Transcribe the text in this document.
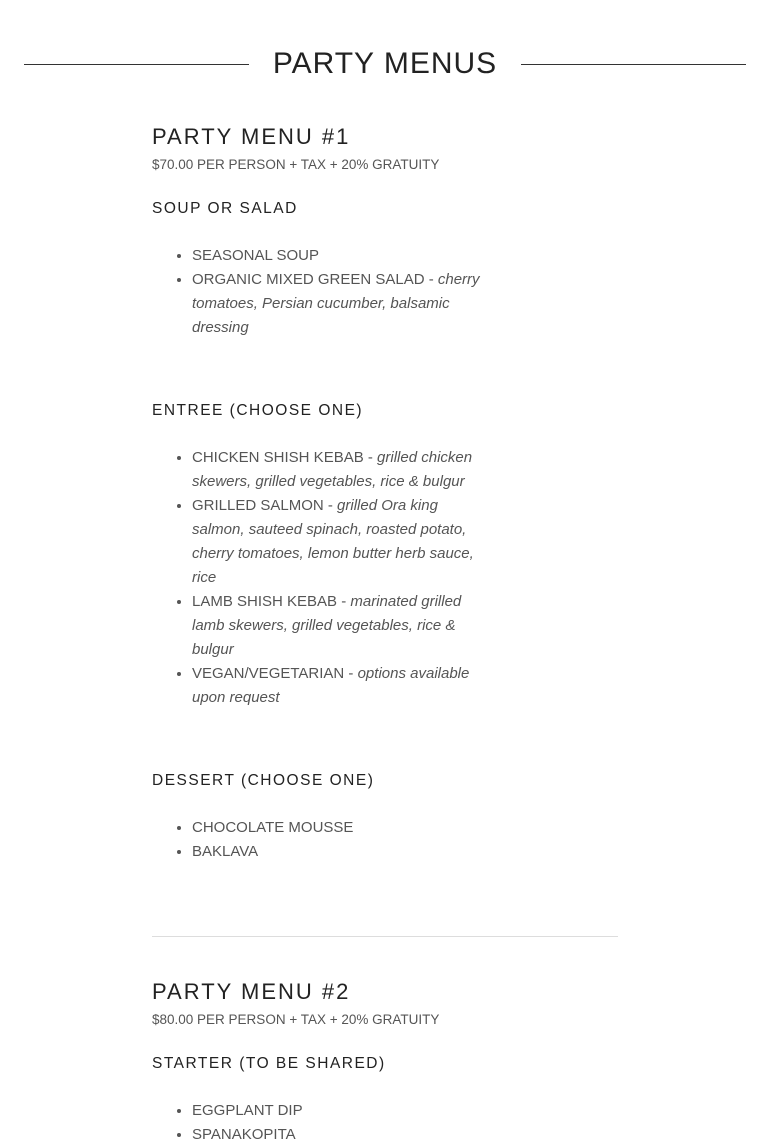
PARTY MENUS
PARTY MENU #1

$70.00 PER PERSON + TAX + 20% GRATUITY

SOUP OR SALAD
• SEASONAL SOUP
• ORGANIC MIXED GREEN SALAD - cherry tomatoes, Persian cucumber, balsamic dressing
ENTREE (CHOOSE ONE)
• CHICKEN SHISH KEBAB - grilled chicken skewers, grilled vegetables, rice & bulgur
• GRILLED SALMON - grilled Ora king salmon, sauteed spinach, roasted potato, cherry tomatoes, lemon butter herb sauce, rice
• LAMB SHISH KEBAB - marinated grilled lamb skewers, grilled vegetables, rice & bulgur
• VEGAN/VEGETARIAN - options available upon request
DESSERT (CHOOSE ONE)
• CHOCOLATE MOUSSE
• BAKLAVA
PARTY MENU #2

$80.00 PER PERSON + TAX + 20% GRATUITY

STARTER (TO BE SHARED)
• EGGPLANT DIP
• SPANAKOPITA
